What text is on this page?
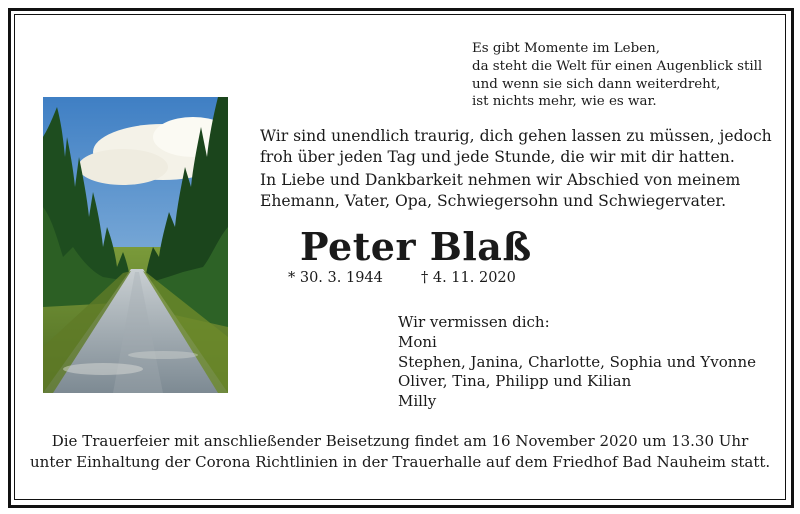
Es gibt Momente im Leben,
da steht die Welt für einen Augenblick still
und wenn sie sich dann weiterdreht,
ist nichts mehr, wie es war.
Wir sind unendlich traurig, dich gehen lassen zu müssen, jedoch
froh über jeden Tag und jede Stunde, die wir mit dir hatten.
In Liebe und Dankbarkeit nehmen wir Abschied von meinem
Ehemann, Vater, Opa, Schwiegersohn und Schwiegervater.
Peter Blaß
* 30. 3. 1944	† 4. 11. 2020
Wir vermissen dich:
Moni
Stephen, Janina, Charlotte, Sophia und Yvonne
Oliver, Tina, Philipp und Kilian
Milly
Die Trauerfeier mit anschließender Beisetzung findet am 16 November 2020 um 13.30 Uhr
unter Einhaltung der Corona Richtlinien in der Trauerhalle auf dem Friedhof Bad Nauheim statt.
